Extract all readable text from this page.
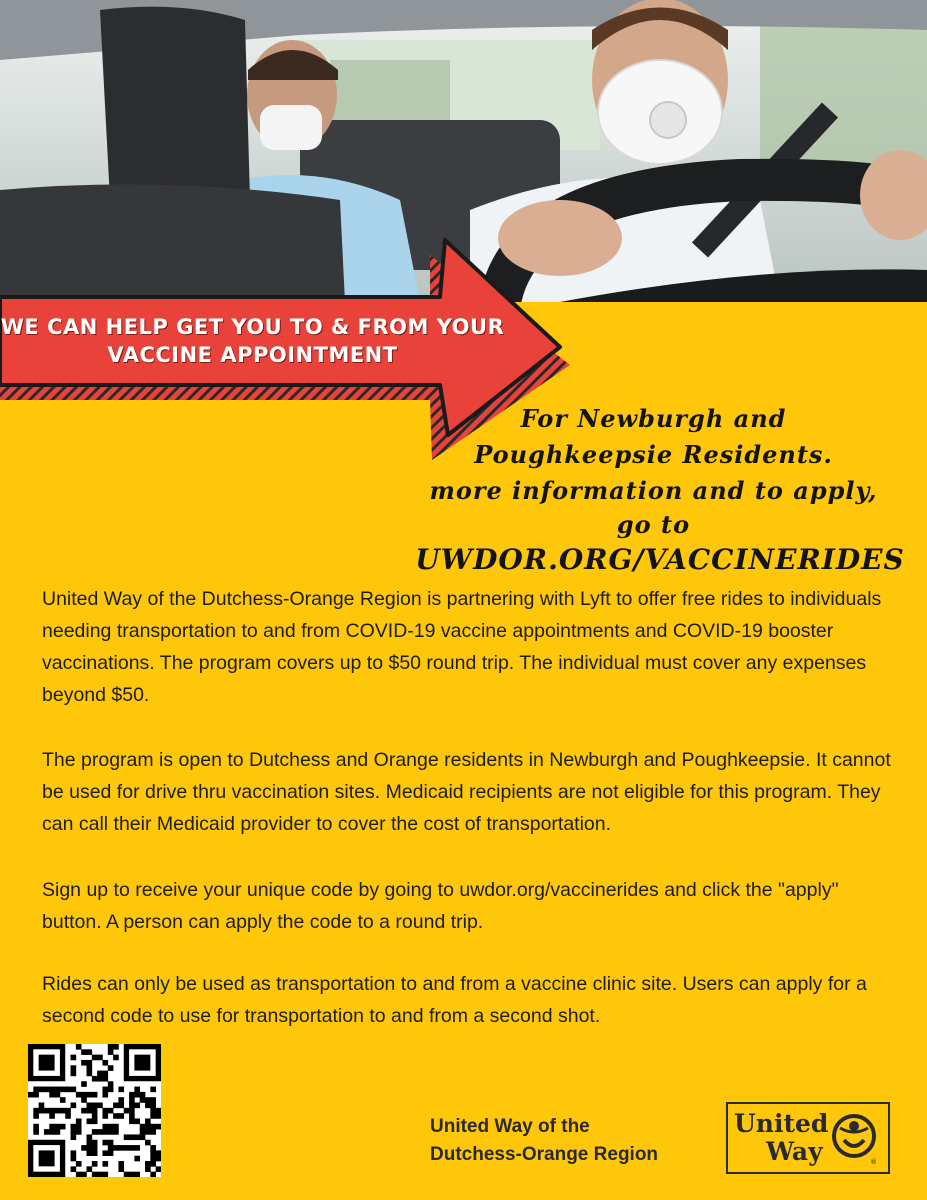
WE CAN HELP GET YOU TO & FROM YOUR VACCINE APPOINTMENT
For Newburgh and
Poughkeepsie Residents.
more information and to apply,
go to
UWDOR.ORG/VACCINERIDES
United Way of the Dutchess-Orange Region is partnering with Lyft to offer free rides to individuals needing transportation to and from COVID-19 vaccine appointments and COVID-19 booster vaccinations. The program covers up to $50 round trip. The individual must cover any expenses beyond $50.
The program is open to Dutchess and Orange residents in Newburgh and Poughkeepsie. It cannot be used for drive thru vaccination sites. Medicaid recipients are not eligible for this program. They can call their Medicaid provider to cover the cost of transportation.
Sign up to receive your unique code by going to uwdor.org/vaccinerides and click the "apply" button. A person can apply the code to a round trip.
Rides can only be used as transportation to and from a vaccine clinic site. Users can apply for a second code to use for transportation to and from a second shot.
United Way of the
Dutchess-Orange Region
United
Way	®
